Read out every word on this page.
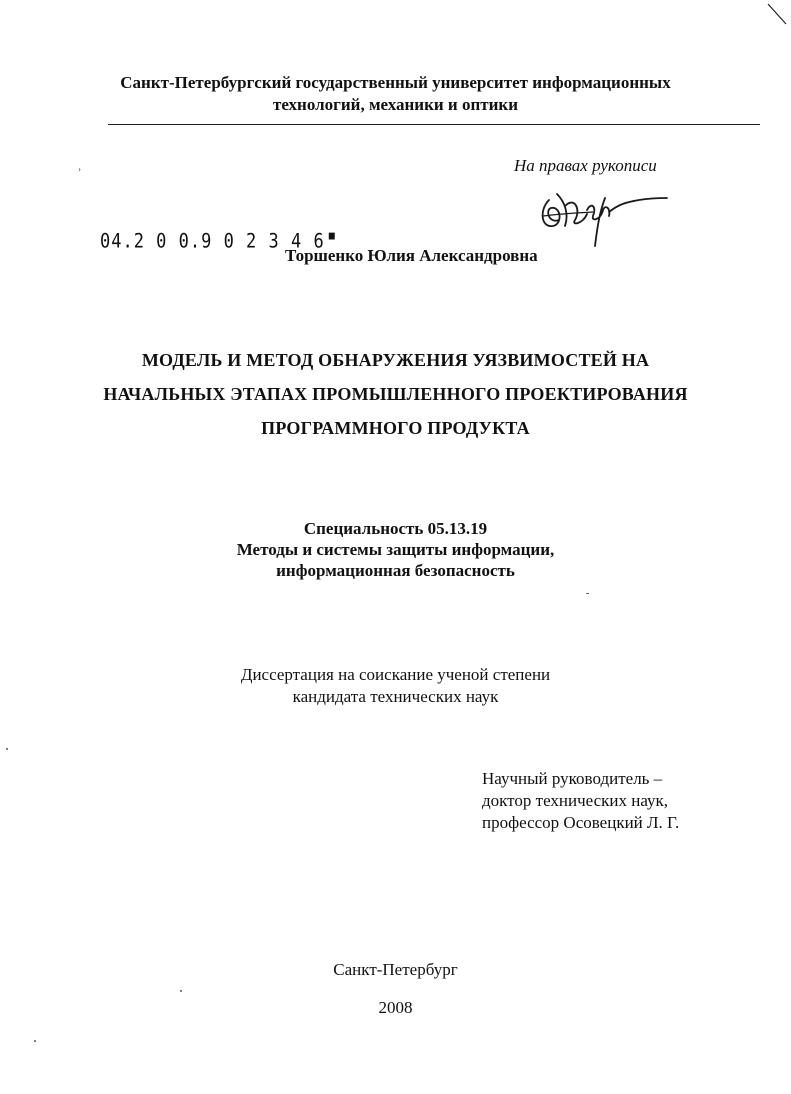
Санкт-Петербургский государственный университет информационных
технологий, механики и оптики
›	На правах рукописи
04.2 0 0.9 0 2 3 4 6 ■
Торшенко Юлия Александровна
МОДЕЛЬ И МЕТОД ОБНАРУЖЕНИЯ УЯЗВИМОСТЕЙ НА
НАЧАЛЬНЫХ ЭТАПАХ ПРОМЫШЛЕННОГО ПРОЕКТИРОВАНИЯ
ПРОГРАММНОГО ПРОДУКТА
Специальность 05.13.19
Методы и системы защиты информации,
информационная безопасность
Диссертация на соискание ученой степени
кандидата технических наук
Научный руководитель –
доктор технических наук,
профессор Осовецкий Л. Г.
Санкт-Петербург
2008
